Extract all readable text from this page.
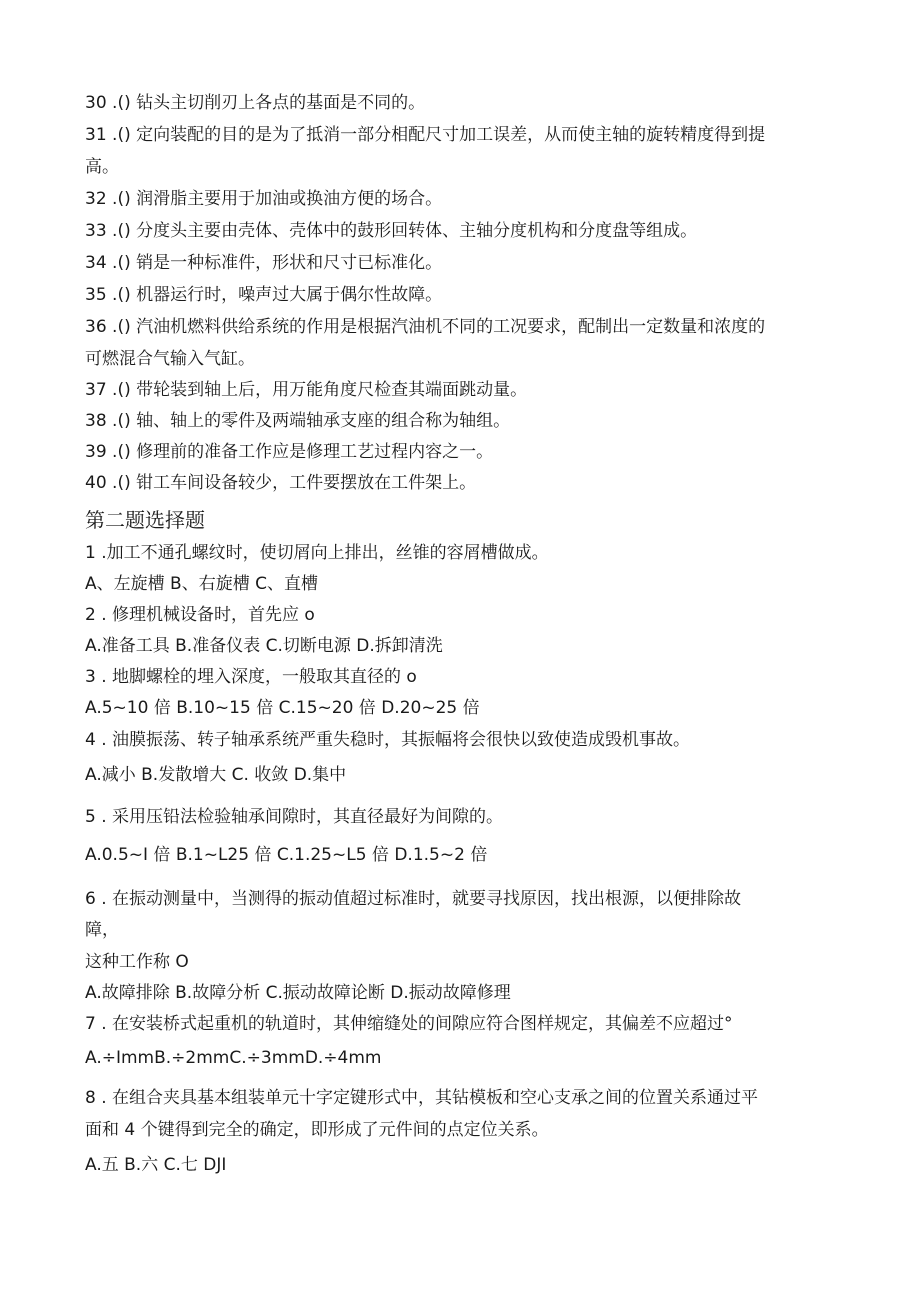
30 .() 钻头主切削刃上各点的基面是不同的。
31 .() 定向装配的目的是为了抵消一部分相配尺寸加工误差，从而使主轴的旋转精度得到提
高。
32 .() 润滑脂主要用于加油或换油方便的场合。
33 .() 分度头主要由壳体、壳体中的鼓形回转体、主轴分度机构和分度盘等组成。
34 .() 销是一种标准件，形状和尺寸已标准化。
35 .() 机器运行时，噪声过大属于偶尔性故障。
36 .() 汽油机燃料供给系统的作用是根据汽油机不同的工况要求，配制出一定数量和浓度的
可燃混合气输入气缸。
37 .() 带轮装到轴上后，用万能角度尺检查其端面跳动量。
38 .() 轴、轴上的零件及两端轴承支座的组合称为轴组。
39 .() 修理前的准备工作应是修理工艺过程内容之一。
40 .() 钳工车间设备较少，工件要摆放在工件架上。
第二题选择题
1 .加工不通孔螺纹时，使切屑向上排出，丝锥的容屑槽做成。
A、左旋槽 B、右旋槽 C、直槽
2 . 修理机械设备时，首先应 o
A.准备工具 B.准备仪表 C.切断电源 D.拆卸清洗
3 . 地脚螺栓的埋入深度，一般取其直径的 o
A.5~10 倍 B.10~15 倍 C.15~20 倍 D.20~25 倍
4 . 油膜振荡、转子轴承系统严重失稳时，其振幅将会很快以致使造成毁机事故。
A.减小 B.发散增大 C. 收敛 D.集中
5 . 采用压铅法检验轴承间隙时，其直径最好为间隙的。
A.0.5~I 倍 B.1~L25 倍 C.1.25~L5 倍 D.1.5~2 倍
6 . 在振动测量中，当测得的振动值超过标准时，就要寻找原因，找出根源，以便排除故
障，
这种工作称 O
A.故障排除 B.故障分析 C.振动故障论断 D.振动故障修理
7 . 在安装桥式起重机的轨道时，其伸缩缝处的间隙应符合图样规定，其偏差不应超过°
A.÷ImmB.÷2mmC.÷3mmD.÷4mm
8 . 在组合夹具基本组装单元十字定键形式中，其钻模板和空心支承之间的位置关系通过平
面和 4 个键得到完全的确定，即形成了元件间的点定位关系。
A.五 B.六 C.七 DJI
